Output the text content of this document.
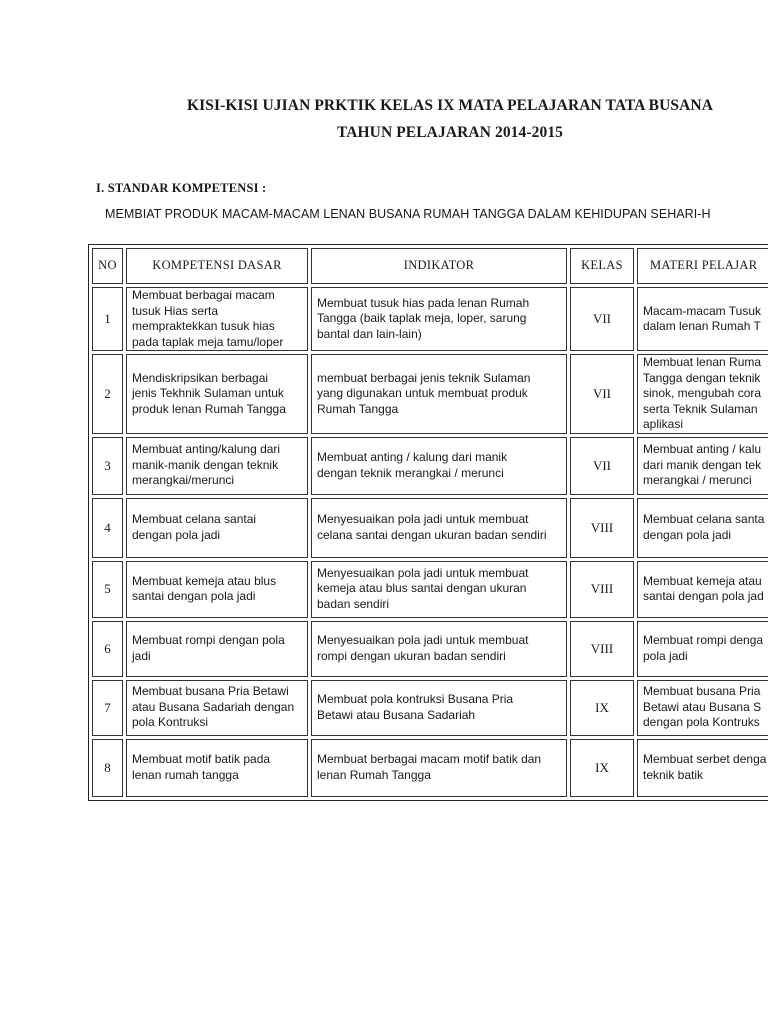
KISI-KISI UJIAN PRKTIK KELAS IX MATA PELAJARAN TATA BUSANA
TAHUN PELAJARAN 2014-2015
I. STANDAR KOMPETENSI :
MEMBIAT PRODUK MACAM-MACAM LENAN BUSANA RUMAH TANGGA DALAM KEHIDUPAN SEHARI-H
NO	KOMPETENSI DASAR	INDIKATOR	KELAS	MATERI PELAJAR
1	Membuat berbagai macam
tusuk Hias serta
mempraktekkan tusuk hias
pada taplak meja tamu/loper	Membuat tusuk hias pada lenan Rumah
Tangga (baik taplak meja, loper, sarung
bantal dan lain-lain)	VII	Macam-macam Tusuk
dalam lenan Rumah T

2	Mendiskripsikan berbagai
jenis Tekhnik Sulaman untuk
produk lenan Rumah Tangga	membuat berbagai jenis teknik Sulaman
yang digunakan untuk membuat produk
Rumah Tangga	VII	Membuat lenan Ruma
Tangga dengan teknik
sinok, mengubah cora
serta Teknik Sulaman
aplikasi

3	Membuat anting/kalung dari
manik-manik dengan teknik
merangkai/merunci	Membuat anting / kalung dari manik
dengan teknik merangkai / merunci	VII	Membuat anting / kalu
dari manik dengan tek
merangkai / merunci

4	Membuat celana santai
dengan pola jadi	Menyesuaikan pola jadi untuk membuat
celana santai dengan ukuran badan sendiri	VIII	Membuat celana santa
dengan pola jadi

5	Membuat kemeja atau blus
santai dengan pola jadi	Menyesuaikan pola jadi untuk membuat
kemeja atau blus santai dengan ukuran
badan sendiri	VIII	Membuat kemeja atau
santai dengan pola jad

6	Membuat rompi dengan pola
jadi	Menyesuaikan pola jadi untuk membuat
rompi dengan ukuran badan sendiri	VIII	Membuat rompi denga
pola jadi

7	Membuat busana Pria Betawi
atau Busana Sadariah dengan
pola Kontruksi	Membuat pola kontruksi Busana Pria
Betawi atau Busana Sadariah	IX	Membuat busana Pria
Betawi atau Busana S
dengan pola Kontruks

8	Membuat motif batik pada
lenan rumah tangga	Membuat berbagai macam motif batik dan
lenan Rumah Tangga	IX	Membuat serbet denga
teknik batik
